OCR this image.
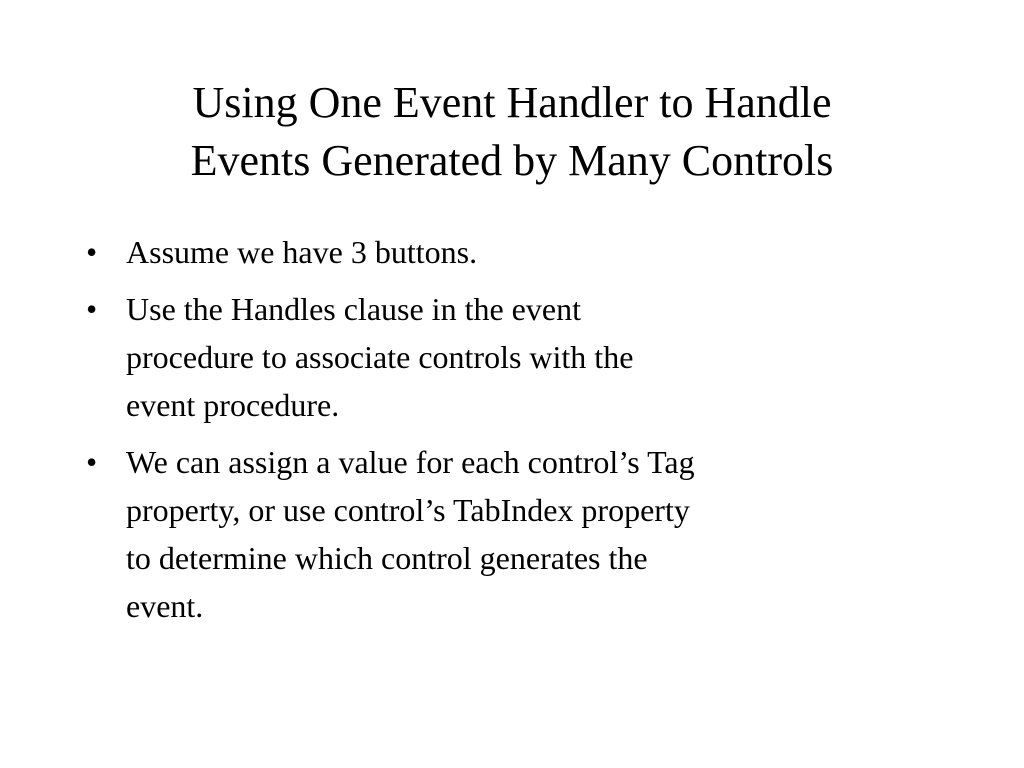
Using One Event Handler to Handle
Events Generated by Many Controls
• Assume we have 3 buttons.
• Use the Handles clause in the event
procedure to associate controls with the
event procedure.
• We can assign a value for each control’s Tag
property, or use control’s TabIndex property
to determine which control generates the
event.
